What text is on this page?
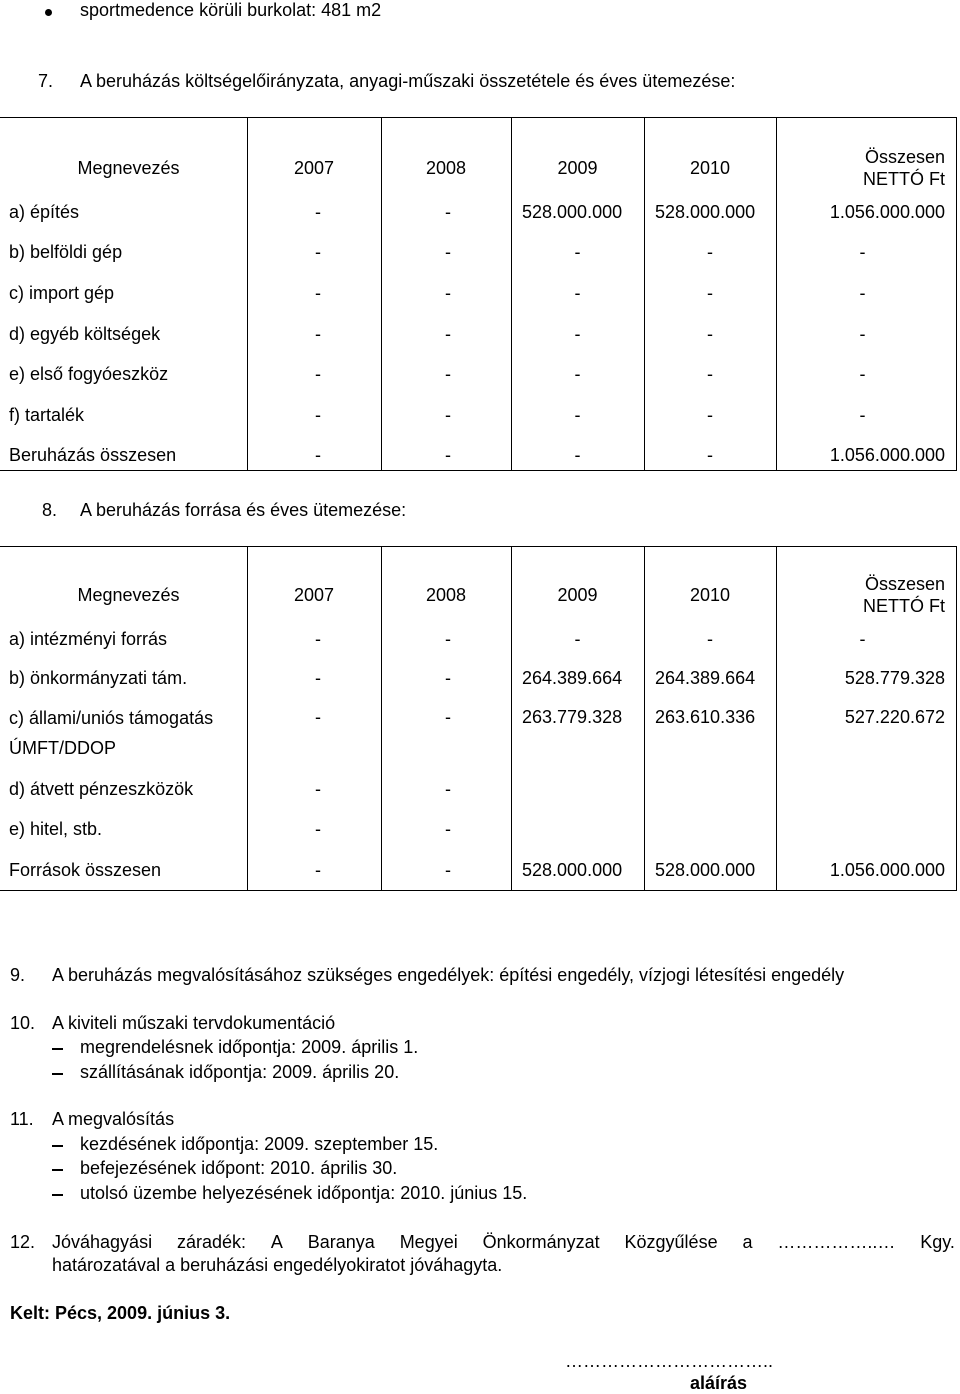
sportmedence körüli burkolat: 481 m2
7. A beruházás költségelőirányzata, anyagi-műszaki összetétele és éves ütemezése:
Megnevezés	2007	2008	2009	2010	Összesen
NETTÓ Ft

a) építés	-	-	528.000.000	528.000.000	1.056.000.000
b) belföldi gép	-	-	-	-	-
c) import gép	-	-	-	-	-
d) egyéb költségek	-	-	-	-	-
e) első fogyóeszköz	-	-	-	-	-
f) tartalék	-	-	-	-	-
Beruházás összesen	-	-	-	-	1.056.000.000
8. A beruházás forrása és éves ütemezése:
Megnevezés	2007	2008	2009	2010	Összesen
NETTÓ Ft

a) intézményi forrás	-	-	-	-	-
b) önkormányzati tám.	-	-	264.389.664	264.389.664	528.779.328

c) állami/uniós támogatás
ÚMFT/DDOP	-	-	263.779.328	263.610.336	527.220.672
d) átvett pénzeszközök	-	-			
e) hitel, stb.	-	-			
Források összesen	-	-	528.000.000	528.000.000	1.056.000.000
9. A beruházás megvalósításához szükséges engedélyek: építési engedély, vízjogi létesítési engedély
10. A kiviteli műszaki tervdokumentáció
megrendelésnek időpontja: 2009. április 1.
szállításának időpontja: 2009. április 20.
11. A megvalósítás
kezdésének időpontja: 2009. szeptember 15.
befejezésének időpont: 2010. április 30.
utolsó üzembe helyezésének időpontja: 2010. június 15.
12. Jóváhagyási záradék: A Baranya Megyei Önkormányzat Közgyűlése a ……………..… Kgy.
határozatával a beruházási engedélyokiratot jóváhagyta.
Kelt: Pécs, 2009. június 3.
……………………………..
aláírás
